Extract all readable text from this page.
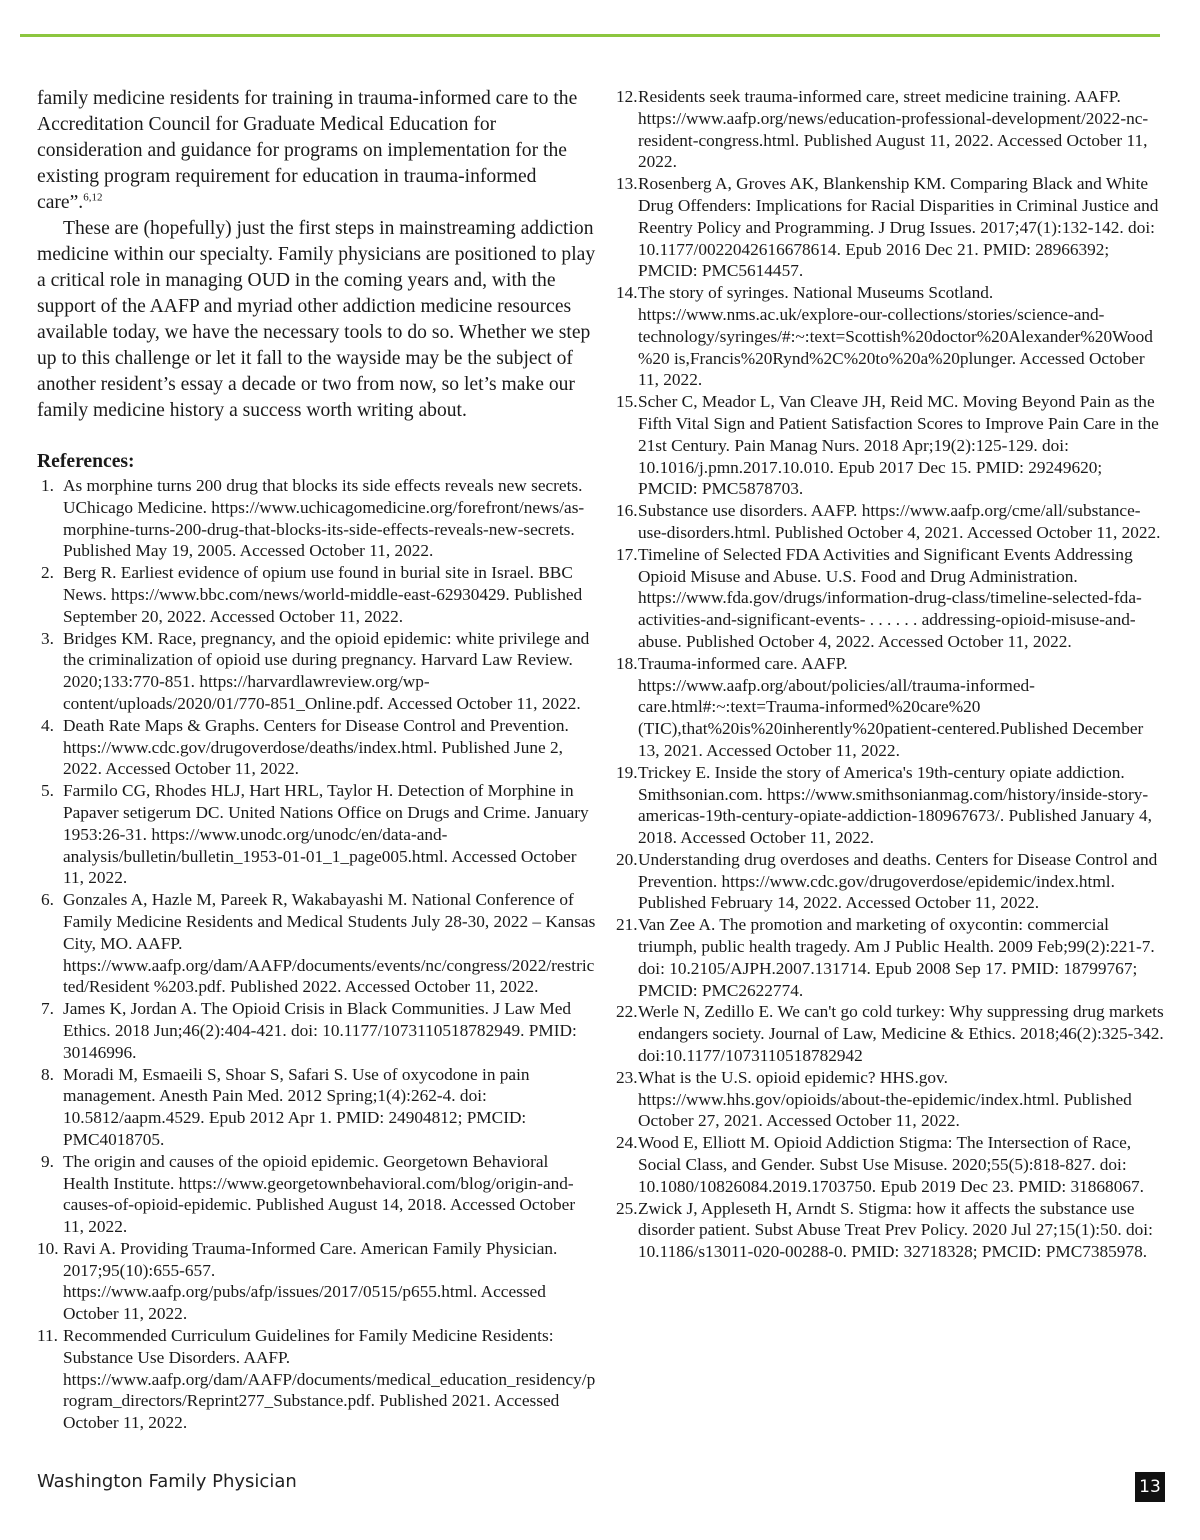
family medicine residents for training in trauma-informed care to the Accreditation Council for Graduate Medical Education for consideration and guidance for programs on implementation for the existing program requirement for education in trauma-informed care”.$^{6,12}$

These are (hopefully) just the first steps in mainstreaming addiction medicine within our specialty. Family physicians are positioned to play a critical role in managing OUD in the coming years and, with the support of the AAFP and myriad other addiction medicine resources available today, we have the necessary tools to do so. Whether we step up to this challenge or let it fall to the wayside may be the subject of another resident’s essay a decade or two from now, so let’s make our family medicine history a success worth writing about.

References:
1. As morphine turns 200 drug that blocks its side effects reveals new secrets. UChicago Medicine. https://www.uchicagomedicine.org/forefront/news/as-morphine-turns-200-drug-that-blocks-its-side-effects-reveals-new-secrets. Published May 19, 2005. Accessed October 11, 2022.
2. Berg R. Earliest evidence of opium use found in burial site in Israel. BBC News. https://www.bbc.com/news/world-middle-east-62930429. Published September 20, 2022. Accessed October 11, 2022.
3. Bridges KM. Race, pregnancy, and the opioid epidemic: white privilege and the criminalization of opioid use during pregnancy. Harvard Law Review. 2020;133:770-851. https://harvardlawreview.org/wp-content/uploads/2020/01/770-851_Online.pdf. Accessed October 11, 2022.
4. Death Rate Maps & Graphs. Centers for Disease Control and Prevention. https://www.cdc.gov/drugoverdose/deaths/index.html. Published June 2, 2022. Accessed October 11, 2022.
5. Farmilo CG, Rhodes HLJ, Hart HRL, Taylor H. Detection of Morphine in Papaver setigerum DC. United Nations Office on Drugs and Crime. January 1953:26-31. https://www.unodc.org/unodc/en/data-and-analysis/bulletin/bulletin_1953-01-01_1_page005.html. Accessed October 11, 2022.
6. Gonzales A, Hazle M, Pareek R, Wakabayashi M. National Conference of Family Medicine Residents and Medical Students July 28-30, 2022 – Kansas City, MO. AAFP. https://www.aafp.org/dam/AAFP/documents/events/nc/congress/2022/restricted/Resident %203.pdf. Published 2022. Accessed October 11, 2022.
7. James K, Jordan A. The Opioid Crisis in Black Communities. J Law Med Ethics. 2018 Jun;46(2):404-421. doi: 10.1177/1073110518782949. PMID: 30146996.
8. Moradi M, Esmaeili S, Shoar S, Safari S. Use of oxycodone in pain management. Anesth Pain Med. 2012 Spring;1(4):262-4. doi: 10.5812/aapm.4529. Epub 2012 Apr 1. PMID: 24904812; PMCID: PMC4018705.
9. The origin and causes of the opioid epidemic. Georgetown Behavioral Health Institute. https://www.georgetownbehavioral.com/blog/origin-and-causes-of-opioid-epidemic. Published August 14, 2018. Accessed October 11, 2022.
10. Ravi A. Providing Trauma-Informed Care. American Family Physician. 2017;95(10):655-657. https://www.aafp.org/pubs/afp/issues/2017/0515/p655.html. Accessed October 11, 2022.
11. Recommended Curriculum Guidelines for Family Medicine Residents: Substance Use Disorders. AAFP. https://www.aafp.org/dam/AAFP/documents/medical_education_residency/program_directors/Reprint277_Substance.pdf. Published 2021. Accessed October 11, 2022.
12. Residents seek trauma-informed care, street medicine training. AAFP. https://www.aafp.org/news/education-professional-development/2022-nc-resident-congress.html. Published August 11, 2022. Accessed October 11, 2022.
13. Rosenberg A, Groves AK, Blankenship KM. Comparing Black and White Drug Offenders: Implications for Racial Disparities in Criminal Justice and Reentry Policy and Programming. J Drug Issues. 2017;47(1):132-142. doi: 10.1177/0022042616678614. Epub 2016 Dec 21. PMID: 28966392; PMCID: PMC5614457.
14. The story of syringes. National Museums Scotland. https://www.nms.ac.uk/explore-our-collections/stories/science-and-technology/syringes/#:~:text=Scottish%20doctor%20Alexander%20Wood%20 is,Francis%20Rynd%2C%20to%20a%20plunger. Accessed October 11, 2022.
15. Scher C, Meador L, Van Cleave JH, Reid MC. Moving Beyond Pain as the Fifth Vital Sign and Patient Satisfaction Scores to Improve Pain Care in the 21st Century. Pain Manag Nurs. 2018 Apr;19(2):125-129. doi: 10.1016/j.pmn.2017.10.010. Epub 2017 Dec 15. PMID: 29249620; PMCID: PMC5878703.
16. Substance use disorders. AAFP. https://www.aafp.org/cme/all/substance-use-disorders.html. Published October 4, 2021. Accessed October 11, 2022.
17. Timeline of Selected FDA Activities and Significant Events Addressing Opioid Misuse and Abuse. U.S. Food and Drug Administration. https://www.fda.gov/drugs/information-drug-class/timeline-selected-fda-activities-and-significant-events- . . . . . . addressing-opioid-misuse-and-abuse. Published October 4, 2022. Accessed October 11, 2022.
18. Trauma-informed care. AAFP. https://www.aafp.org/about/policies/all/trauma-informed-care.html#:~:text=Trauma-informed%20care%20 (TIC),that%20is%20inherently%20patient-centered.Published December 13, 2021. Accessed October 11, 2022.
19. Trickey E. Inside the story of America's 19th-century opiate addiction. Smithsonian.com. https://www.smithsonianmag.com/history/inside-story-americas-19th-century-opiate-addiction-180967673/. Published January 4, 2018. Accessed October 11, 2022.
20. Understanding drug overdoses and deaths. Centers for Disease Control and Prevention. https://www.cdc.gov/drugoverdose/epidemic/index.html. Published February 14, 2022. Accessed October 11, 2022.
21. Van Zee A. The promotion and marketing of oxycontin: commercial triumph, public health tragedy. Am J Public Health. 2009 Feb;99(2):221-7. doi: 10.2105/AJPH.2007.131714. Epub 2008 Sep 17. PMID: 18799767; PMCID: PMC2622774.
22. Werle N, Zedillo E. We can't go cold turkey: Why suppressing drug markets endangers society. Journal of Law, Medicine & Ethics. 2018;46(2):325-342. doi:10.1177/1073110518782942
23. What is the U.S. opioid epidemic? HHS.gov. https://www.hhs.gov/opioids/about-the-epidemic/index.html. Published October 27, 2021. Accessed October 11, 2022.
24. Wood E, Elliott M. Opioid Addiction Stigma: The Intersection of Race, Social Class, and Gender. Subst Use Misuse. 2020;55(5):818-827. doi: 10.1080/10826084.2019.1703750. Epub 2019 Dec 23. PMID: 31868067.
25. Zwick J, Appleseth H, Arndt S. Stigma: how it affects the substance use disorder patient. Subst Abuse Treat Prev Policy. 2020 Jul 27;15(1):50. doi: 10.1186/s13011-020-00288-0. PMID: 32718328; PMCID: PMC7385978.
Washington Family Physician	13
